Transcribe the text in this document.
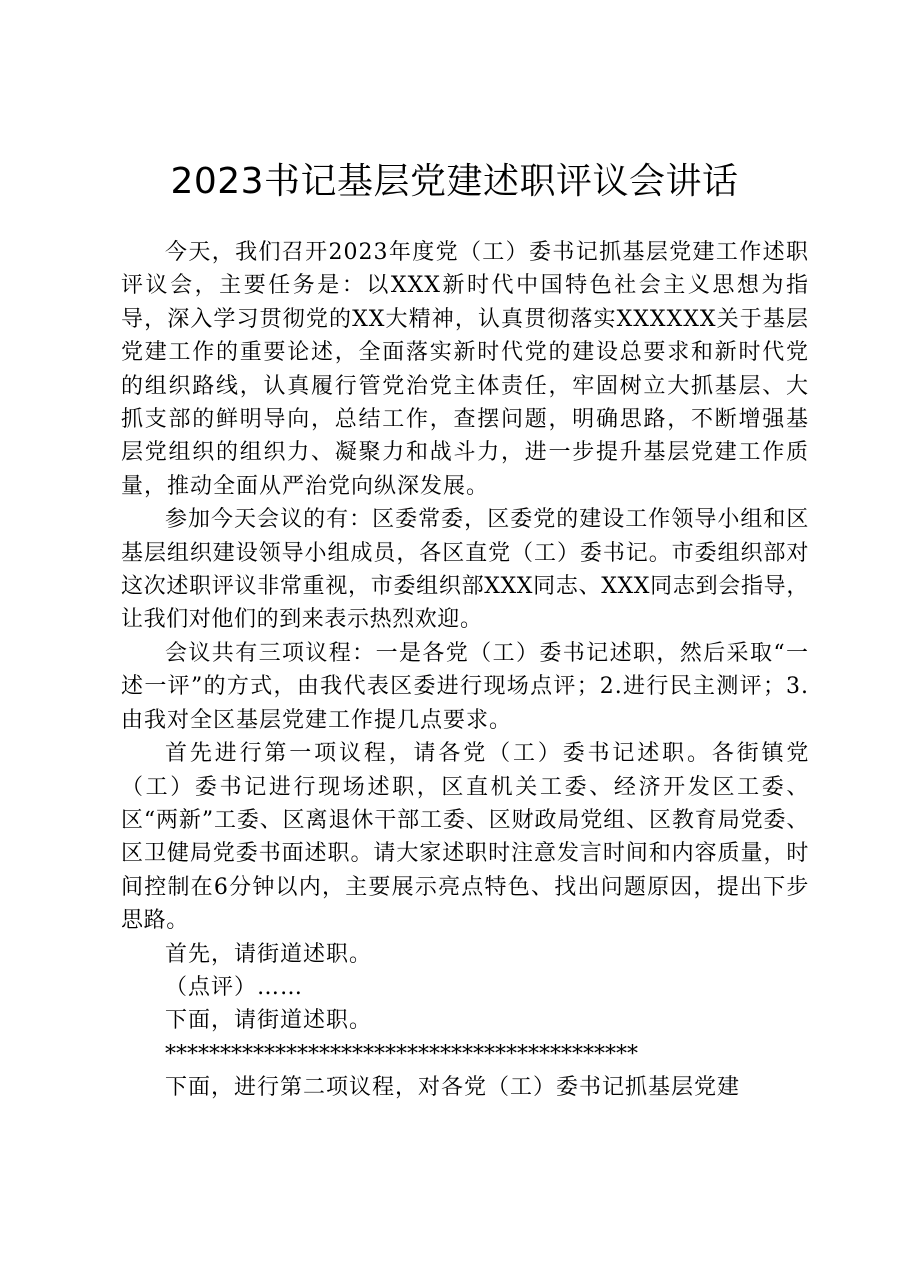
2023书记基层党建述职评议会讲话

今天，我们召开2023年度党（工）委书记抓基层党建工作述职评议会，主要任务是：以XXX新时代中国特色社会主义思想为指导，深入学习贯彻党的XX大精神，认真贯彻落实XXXXXX关于基层党建工作的重要论述，全面落实新时代党的建设总要求和新时代党的组织路线，认真履行管党治党主体责任，牢固树立大抓基层、大抓支部的鲜明导向，总结工作，查摆问题，明确思路，不断增强基层党组织的组织力、凝聚力和战斗力，进一步提升基层党建工作质量，推动全面从严治党向纵深发展。

参加今天会议的有：区委常委，区委党的建设工作领导小组和区基层组织建设领导小组成员，各区直党（工）委书记。市委组织部对这次述职评议非常重视，市委组织部XXX同志、XXX同志到会指导，让我们对他们的到来表示热烈欢迎。

会议共有三项议程：一是各党（工）委书记述职，然后采取“一述一评”的方式，由我代表区委进行现场点评；2.进行民主测评；3.由我对全区基层党建工作提几点要求。

首先进行第一项议程，请各党（工）委书记述职。各街镇党（工）委书记进行现场述职，区直机关工委、经济开发区工委、区“两新”工委、区离退休干部工委、区财政局党组、区教育局党委、区卫健局党委书面述职。请大家述职时注意发言时间和内容质量，时间控制在6分钟以内，主要展示亮点特色、找出问题原因，提出下步思路。

首先，请街道述职。

（点评）……

下面，请街道述职。

*******************************************

下面，进行第二项议程，对各党（工）委书记抓基层党建
